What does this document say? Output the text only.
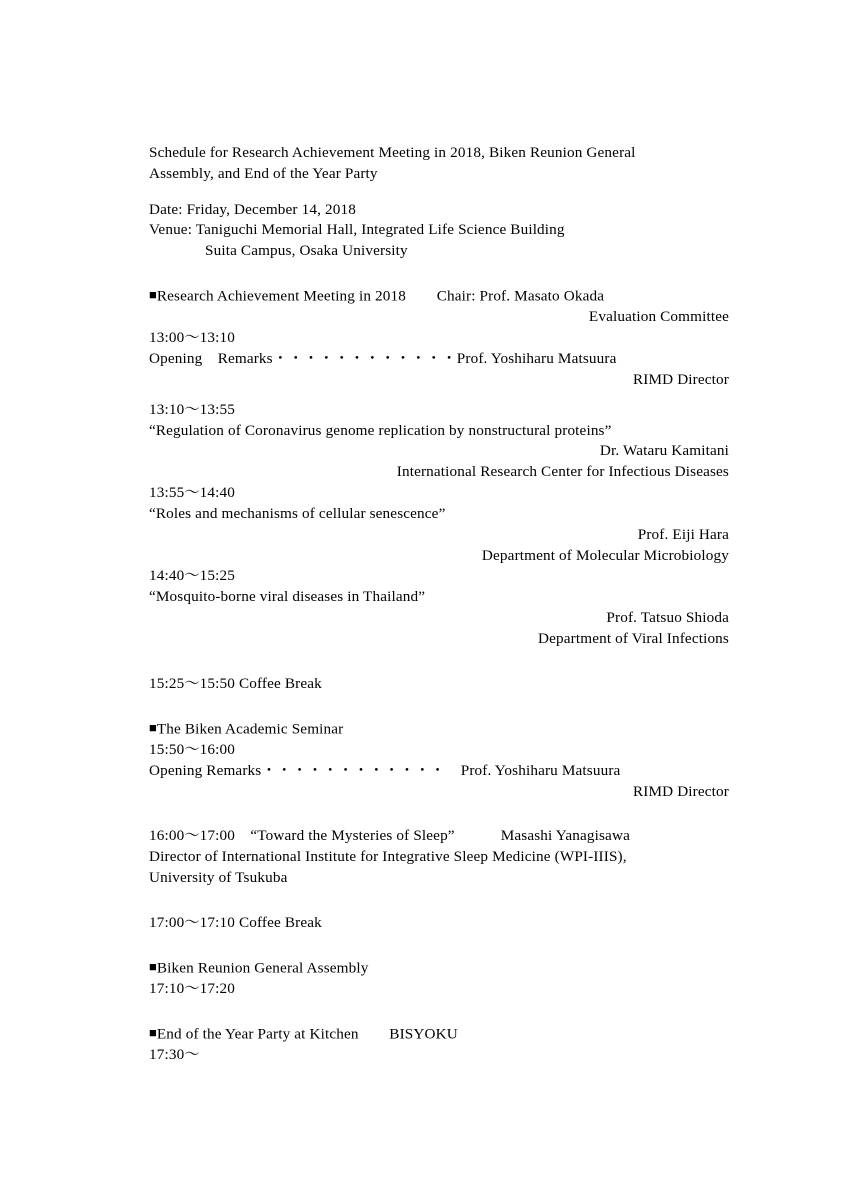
Schedule for Research Achievement Meeting in 2018, Biken Reunion General

Assembly, and End of the Year Party

Date: Friday, December 14, 2018

Venue: Taniguchi Memorial Hall, Integrated Life Science Building

Suita Campus, Osaka University

■Research Achievement Meeting in 2018　　Chair: Prof. Masato Okada

Evaluation Committee

13:00～13:10

Opening　Remarks・・・・・・・・・・・・Prof. Yoshiharu Matsuura

RIMD Director

13:10～13:55

“Regulation of Coronavirus genome replication by nonstructural proteins”

Dr. Wataru Kamitani

International Research Center for Infectious Diseases

13:55～14:40

“Roles and mechanisms of cellular senescence”

Prof. Eiji Hara

Department of Molecular Microbiology

14:40～15:25

“Mosquito-borne viral diseases in Thailand”

Prof. Tatsuo Shioda

Department of Viral Infections

15:25～15:50 Coffee Break

■The Biken Academic Seminar

15:50～16:00

Opening Remarks・・・・・・・・・・・・　Prof. Yoshiharu Matsuura

RIMD Director

16:00～17:00　“Toward the Mysteries of Sleep”　　　Masashi Yanagisawa

Director of International Institute for Integrative Sleep Medicine (WPI-IIIS),

University of Tsukuba

17:00～17:10 Coffee Break

■Biken Reunion General Assembly

17:10～17:20

■End of the Year Party at Kitchen　　BISYOKU

17:30～
